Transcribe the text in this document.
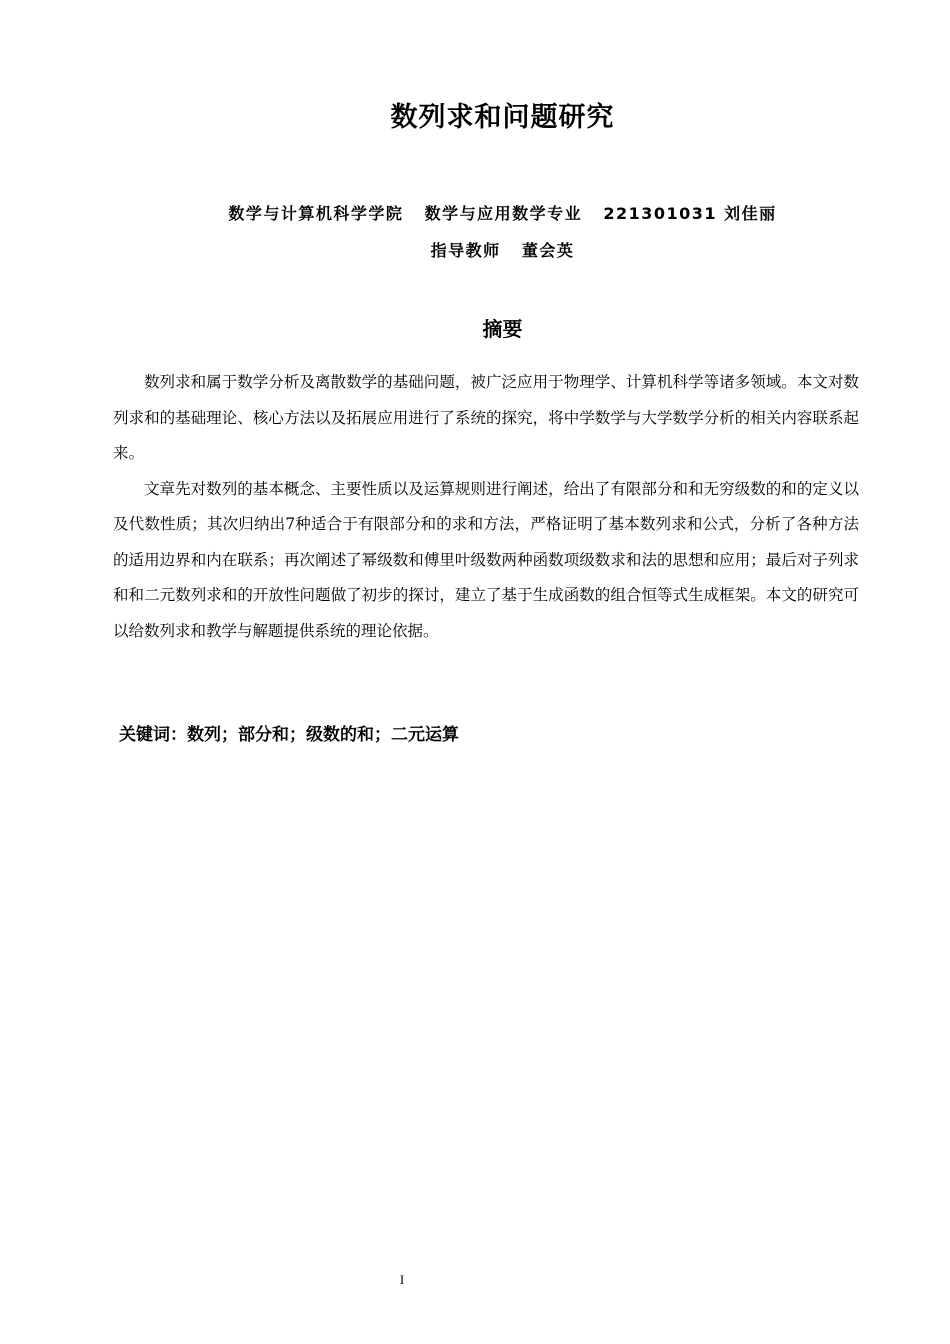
数列求和问题研究
数学与计算机科学学院 数学与应用数学专业 221301031 刘佳丽
指导教师   董会英
摘要

数列求和属于数学分析及离散数学的基础问题，被广泛应用于物理学、计算机科学等诸多领域。本文对数列求和的基础理论、核心方法以及拓展应用进行了系统的探究，将中学数学与大学数学分析的相关内容联系起来。

文章先对数列的基本概念、主要性质以及运算规则进行阐述，给出了有限部分和和无穷级数的和的定义以及代数性质；其次归纳出7种适合于有限部分和的求和方法，严格证明了基本数列求和公式，分析了各种方法的适用边界和内在联系；再次阐述了幂级数和傅里叶级数两种函数项级数求和法的思想和应用；最后对子列求和和二元数列求和的开放性问题做了初步的探讨，建立了基于生成函数的组合恒等式生成框架。本文的研究可以给数列求和教学与解题提供系统的理论依据。

关键词：数列；部分和；级数的和；二元运算
I
